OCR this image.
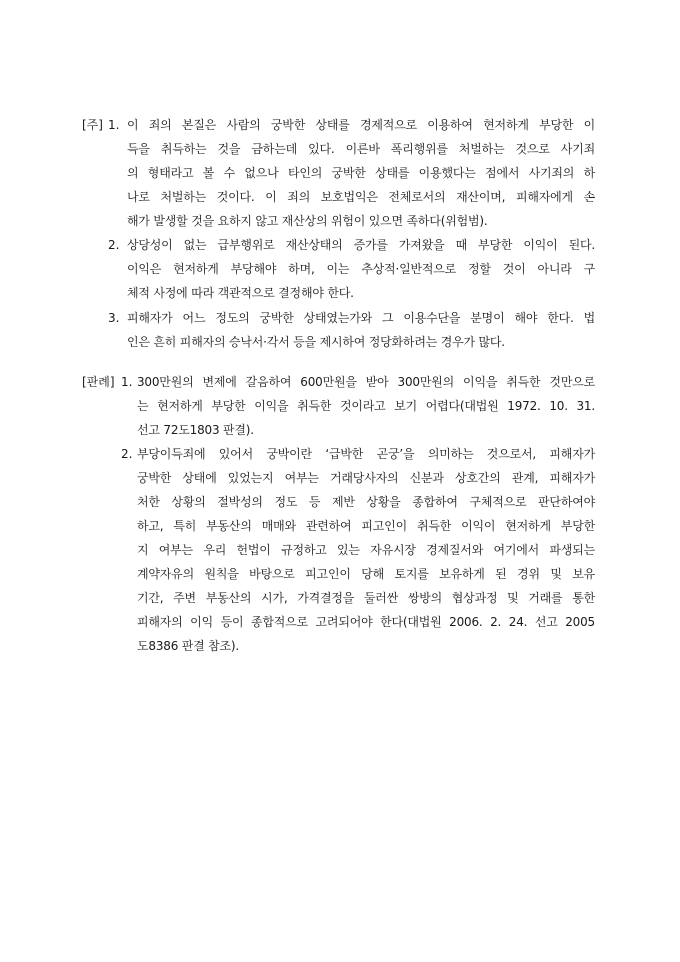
[주] 1. 이 죄의 본질은 사람의 궁박한 상태를 경제적으로 이용하여 현저하게 부당한 이
득을 취득하는 것을 금하는데 있다. 이른바 폭리행위를 처벌하는 것으로 사기죄
의 형태라고 볼 수 없으나 타인의 궁박한 상태를 이용했다는 점에서 사기죄의 하
나로 처벌하는 것이다. 이 죄의 보호법익은 전체로서의 재산이며, 피해자에게 손
해가 발생할 것을 요하지 않고 재산상의 위험이 있으면 족하다(위험범).
2. 상당성이 없는 급부행위로 재산상태의 증가를 가져왔을 때 부당한 이익이 된다.
이익은 현저하게 부당해야 하며, 이는 추상적·일반적으로 정할 것이 아니라 구
체적 사정에 따라 객관적으로 결정해야 한다.
3. 피해자가 어느 정도의 궁박한 상태였는가와 그 이용수단을 분명이 해야 한다. 법
인은 흔히 피해자의 승낙서·각서 등을 제시하여 정당화하려는 경우가 많다.
[판례] 1. 300만원의 변제에 갈음하여 600만원을 받아 300만원의 이익을 취득한 것만으로
는 현저하게 부당한 이익을 취득한 것이라고 보기 어렵다(대법원 1972. 10. 31.
선고 72도1803 판결).
2. 부당이득죄에 있어서 궁박이란 ‘급박한 곤궁’을 의미하는 것으로서, 피해자가
궁박한 상태에 있었는지 여부는 거래당사자의 신분과 상호간의 관계, 피해자가
처한 상황의 절박성의 정도 등 제반 상황을 종합하여 구체적으로 판단하여야
하고, 특히 부동산의 매매와 관련하여 피고인이 취득한 이익이 현저하게 부당한
지 여부는 우리 헌법이 규정하고 있는 자유시장 경제질서와 여기에서 파생되는
계약자유의 원칙을 바탕으로 피고인이 당해 토지를 보유하게 된 경위 및 보유
기간, 주변 부동산의 시가, 가격결정을 둘러싼 쌍방의 협상과정 및 거래를 통한
피해자의 이익 등이 종합적으로 고려되어야 한다(대법원 2006. 2. 24. 선고 2005
도8386 판결 참조).
